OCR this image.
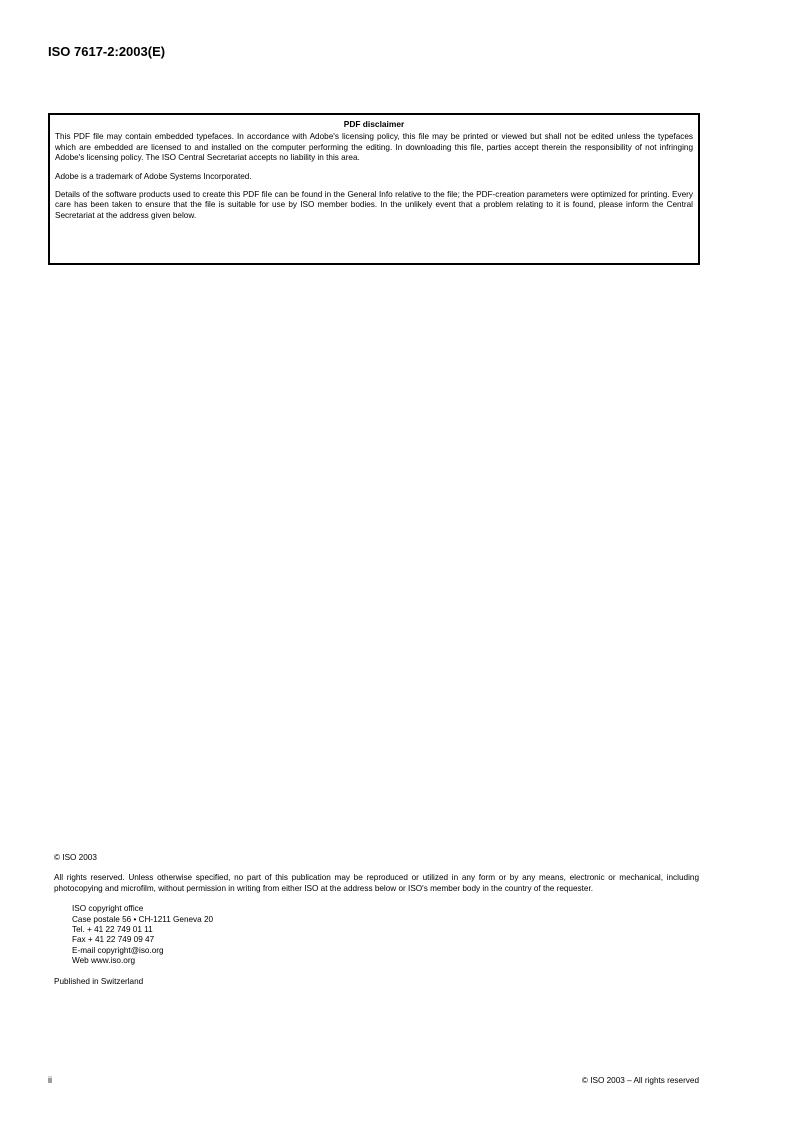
ISO 7617-2:2003(E)
PDF disclaimer

This PDF file may contain embedded typefaces. In accordance with Adobe's licensing policy, this file may be printed or viewed but shall not be edited unless the typefaces which are embedded are licensed to and installed on the computer performing the editing. In downloading this file, parties accept therein the responsibility of not infringing Adobe's licensing policy. The ISO Central Secretariat accepts no liability in this area.

Adobe is a trademark of Adobe Systems Incorporated.

Details of the software products used to create this PDF file can be found in the General Info relative to the file; the PDF-creation parameters were optimized for printing. Every care has been taken to ensure that the file is suitable for use by ISO member bodies. In the unlikely event that a problem relating to it is found, please inform the Central Secretariat at the address given below.

© ISO 2003

All rights reserved. Unless otherwise specified, no part of this publication may be reproduced or utilized in any form or by any means, electronic or mechanical, including photocopying and microfilm, without permission in writing from either ISO at the address below or ISO's member body in the country of the requester.

ISO copyright office
Case postale 56 • CH-1211 Geneva 20
Tel. + 41 22 749 01 11
Fax + 41 22 749 09 47
E-mail copyright@iso.org
Web www.iso.org

Published in Switzerland

ii	© ISO 2003 – All rights reserved
